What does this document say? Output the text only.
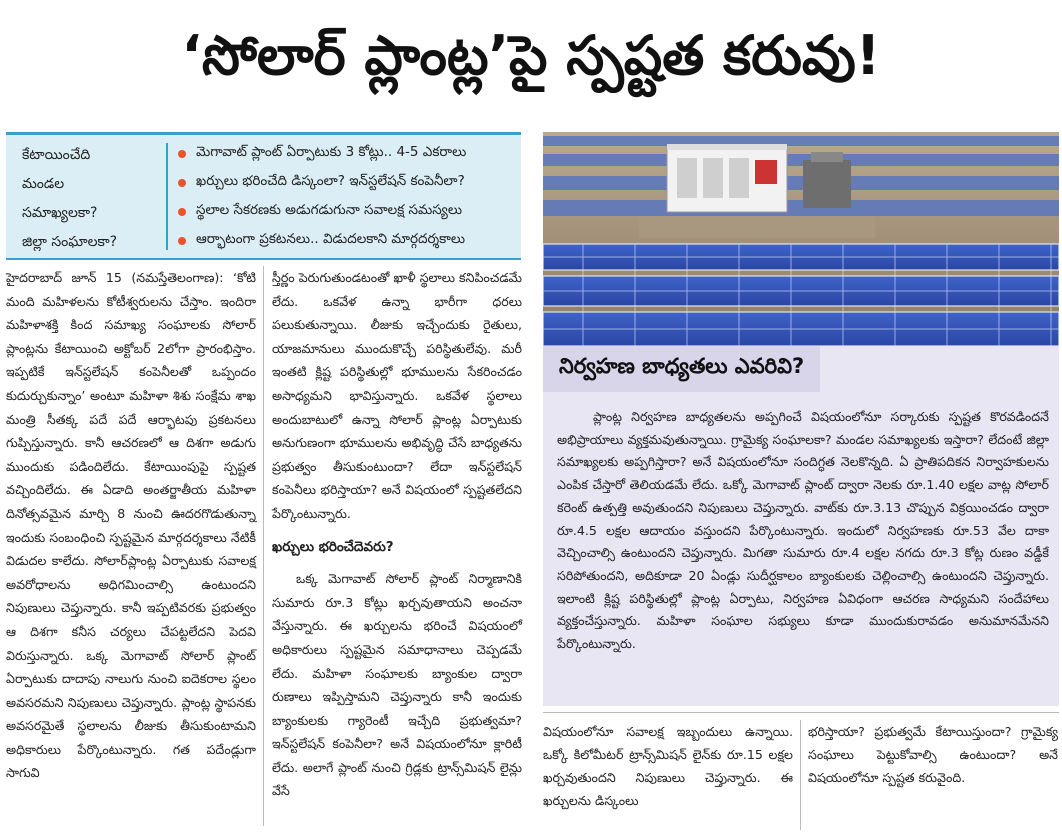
‘సోలార్ ప్లాంట్ల’పై స్పష్టత కరువు!
కేటాయించేది
మండల
సమాఖ్యలకా?
జిల్లా సంఘాలకా?
మెగావాట్ ప్లాంట్ ఏర్పాటుకు 3 కోట్లు.. 4-5 ఎకరాలు
ఖర్చులు భరించేది డిస్కంలా? ఇన్‌స్టలేషన్ కంపెనీలా?
స్థలాల సేకరణకు అడుగడుగునా సవాలక్ష సమస్యలు
ఆర్భాటంగా ప్రకటనలు.. విడుదలకాని మార్గదర్శకాలు

హైదరాబాద్ జూన్ 15 (నమస్తేతెలంగాణ): ‘కోటి మంది మహిళలను కోటీశ్వరులను చేస్తాం. ఇందిరా మహిళాశక్తి కింద సమాఖ్య సంఘాలకు సోలార్ ప్లాంట్లను కేటాయించి అక్టోబర్ 2లోగా ప్రారంభిస్తాం. ఇప్పటికే ఇన్‌స్టలేషన్ కంపెనీలతో ఒప్పందం కుదుర్చుకున్నాం’ అంటూ మహిళా శిశు సంక్షేమ శాఖ మంత్రి సీతక్క పదే పదే ఆర్భాటపు ప్రకటనలు గుప్పిస్తున్నారు. కానీ ఆచరణలో ఆ దిశగా అడుగు ముందుకు పడిందిలేదు. కేటాయింపుపై స్పష్టత వచ్చిందిలేదు. ఈ ఏడాది అంతర్జాతీయ మహిళా దినోత్సవమైన మార్చి 8 నుంచి ఊదరగొడుతున్నా ఇందుకు సంబంధించి స్పష్టమైన మార్గదర్శకాలు నేటికీ విడుదల కాలేదు. సోలార్‌ప్లాంట్ల ఏర్పాటుకు సవాలక్ష అవరోధాలను అధిగమించాల్సి ఉంటుందని నిపుణులు చెప్తున్నారు. కానీ ఇప్పటివరకు ప్రభుత్వం ఆ దిశగా కనీస చర్యలు చేపట్టలేదని పెదవి విరుస్తున్నారు. ఒక్క మెగావాట్ సోలార్ ప్లాంట్ ఏర్పాటుకు దాదాపు నాలుగు నుంచి ఐదెకరాల స్థలం అవసరమని నిపుణులు చెప్తున్నారు. ప్లాంట్ల స్థాపనకు అవసరమైతే స్థలాలను లీజుకు తీసుకుంటామని అధికారులు పేర్కొంటున్నారు. గత పదేండ్లుగా సాగువి

స్తీర్ణం పెరుగుతుండటంతో ఖాళీ స్థలాలు కనిపించడమే లేదు. ఒకవేళ ఉన్నా భారీగా ధరలు పలుకుతున్నాయి. లీజుకు ఇచ్చేందుకు రైతులు, యాజమానులు ముందుకొచ్చే పరిస్థితులేవు. మరీ ఇంతటి క్లిష్ట పరిస్థితుల్లో భూములను సేకరించడం అసాధ్యమని భావిస్తున్నారు. ఒకవేళ స్థలాలు అందుబాటులో ఉన్నా సోలార్ ప్లాంట్ల ఏర్పాటుకు అనుగుణంగా భూములను అభివృద్ధి చేసే బాధ్యతను ప్రభుత్వం తీసుకుంటుందా? లేదా ఇన్‌స్టలేషన్ కంపెనీలు భరిస్తాయా? అనే విషయంలో స్పష్టతలేదని పేర్కొంటున్నారు.

ఖర్చులు భరించేదెవరు?

ఒక్క మెగావాట్ సోలార్ ప్లాంట్ నిర్మాణానికి సుమారు రూ.3 కోట్లు ఖర్చవుతాయని అంచనా వేస్తున్నారు. ఈ ఖర్చులను భరించే విషయంలో అధికారులు స్పష్టమైన సమాధానాలు చెప్పడమే లేదు. మహిళా సంఘాలకు బ్యాంకుల ద్వారా రుణాలు ఇప్పిస్తామని చెప్తున్నారు కానీ ఇందుకు బ్యాంకులకు గ్యారెంటీ ఇచ్చేది ప్రభుత్వమా? ఇన్‌స్టలేషన్ కంపెనీలా? అనే విషయంలోనూ క్లారిటీ లేదు. అలాగే ప్లాంట్ నుంచి గ్రిడ్లకు ట్రాన్స్‌మిషన్ లైన్లు వేసే

నిర్వహణ బాధ్యతలు ఎవరివి?
ప్లాంట్ల నిర్వహణ బాధ్యతలను అప్పగించే విషయంలోనూ సర్కారుకు స్పష్టత కొరవడిందనే అభిప్రాయాలు వ్యక్తమవుతున్నాయి. గ్రామైక్య సంఘాలకా? మండల సమాఖ్యలకు ఇస్తారా? లేదంటే జిల్లా సమాఖ్యలకు అప్పగిస్తారా? అనే విషయంలోనూ సందిగ్ధత నెలకొన్నది. ఏ ప్రాతిపదికన నిర్వాహకులను ఎంపిక చేస్తారో తెలియడమే లేదు. ఒక్కో మెగావాట్ ప్లాంట్ ద్వారా నెలకు రూ.1.40 లక్షల వాట్ల సోలార్ కరెంట్ ఉత్పత్తి అవుతుందని నిపుణులు చెప్తున్నారు. వాట్‌కు రూ.3.13 చొప్పున విక్రయించడం ద్వారా రూ.4.5 లక్షల ఆదాయం వస్తుందని పేర్కొంటున్నారు. ఇందులో నిర్వహణకు రూ.53 వేల దాకా వెచ్చించాల్సి ఉంటుందని చెప్తున్నారు. మిగతా సుమారు రూ.4 లక్షల నగదు రూ.3 కోట్ల రుణం వడ్డీకే సరిపోతుందని, అదికూడా 20 ఏండ్లు సుదీర్ఘకాలం బ్యాంకులకు చెల్లించాల్సి ఉంటుందని చెప్తున్నారు. ఇలాంటి క్లిష్ట పరిస్థితుల్లో ప్లాంట్ల ఏర్పాటు, నిర్వహణ ఏవిధంగా ఆచరణ సాధ్యమని సందేహాలు వ్యక్తంచేస్తున్నారు. మహిళా సంఘాల సభ్యులు కూడా ముందుకురావడం అనుమానమేనని పేర్కొంటున్నారు.

విషయంలోనూ సవాలక్ష ఇబ్బందులు ఉన్నాయి. ఒక్కో కిలోమీటర్ ట్రాన్స్‌మిషన్ లైన్‌కు రూ.15 లక్షల ఖర్చవుతుందని నిపుణులు చెప్తున్నారు. ఈ ఖర్చులను డిస్కంలు

భరిస్తాయా? ప్రభుత్వమే కేటాయిస్తుందా? గ్రామైక్య సంఘాలు పెట్టుకోవాల్సి ఉంటుందా? అనే విషయంలోనూ స్పష్టత కరువైంది.
